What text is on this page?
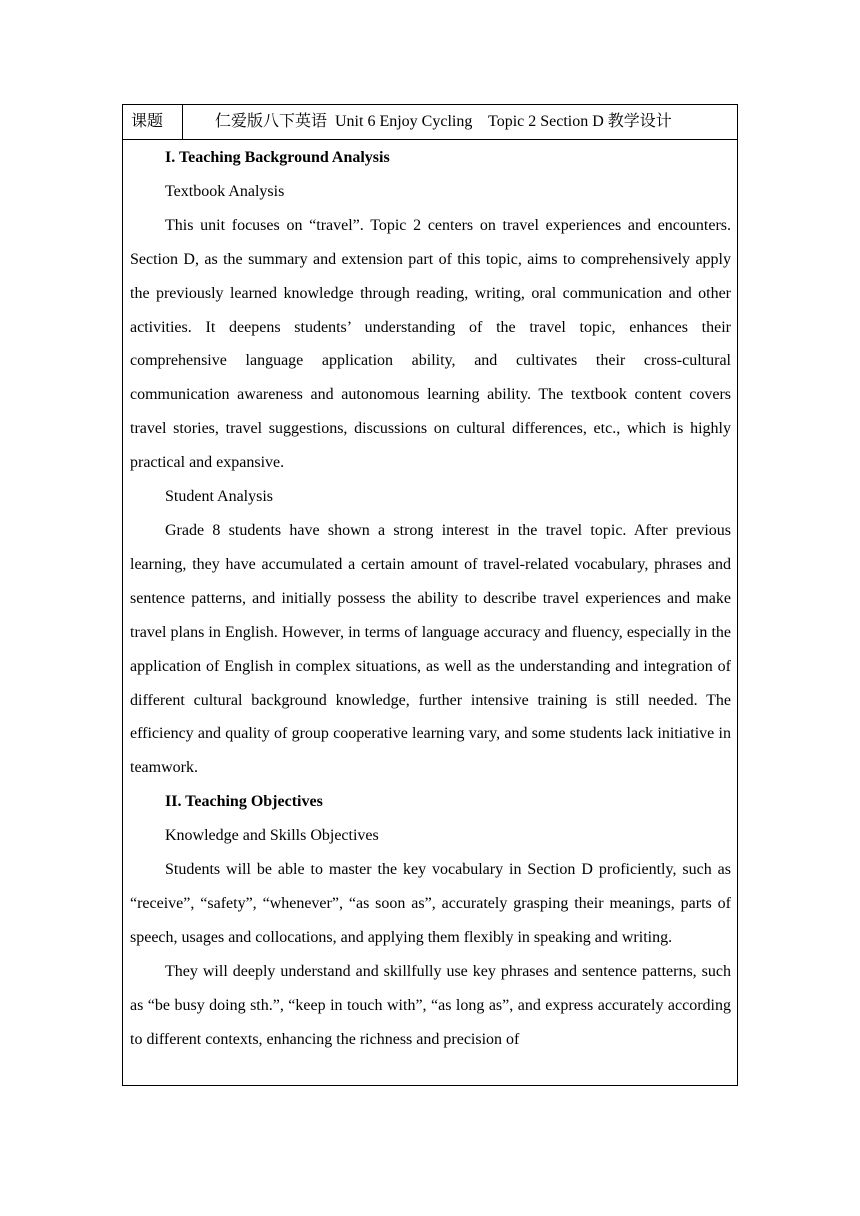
课题	仁爱版八下英语  Unit 6 Enjoy Cycling    Topic 2 Section D 教学设计

I. Teaching Background Analysis

Textbook Analysis

This unit focuses on “travel”. Topic 2 centers on travel experiences and encounters. Section D, as the summary and extension part of this topic, aims to comprehensively apply the previously learned knowledge through reading, writing, oral communication and other activities. It deepens students’ understanding of the travel topic, enhances their comprehensive language application ability, and cultivates their cross-cultural communication awareness and autonomous learning ability. The textbook content covers travel stories, travel suggestions, discussions on cultural differences, etc., which is highly practical and expansive.

Student Analysis

Grade 8 students have shown a strong interest in the travel topic. After previous learning, they have accumulated a certain amount of travel-related vocabulary, phrases and sentence patterns, and initially possess the ability to describe travel experiences and make travel plans in English. However, in terms of language accuracy and fluency, especially in the application of English in complex situations, as well as the understanding and integration of different cultural background knowledge, further intensive training is still needed. The efficiency and quality of group cooperative learning vary, and some students lack initiative in teamwork.

II. Teaching Objectives

Knowledge and Skills Objectives

Students will be able to master the key vocabulary in Section D proficiently, such as “receive”, “safety”, “whenever”, “as soon as”, accurately grasping their meanings, parts of speech, usages and collocations, and applying them flexibly in speaking and writing.

They will deeply understand and skillfully use key phrases and sentence patterns, such as “be busy doing sth.”, “keep in touch with”, “as long as”, and express accurately according to different contexts, enhancing the richness and precision of
